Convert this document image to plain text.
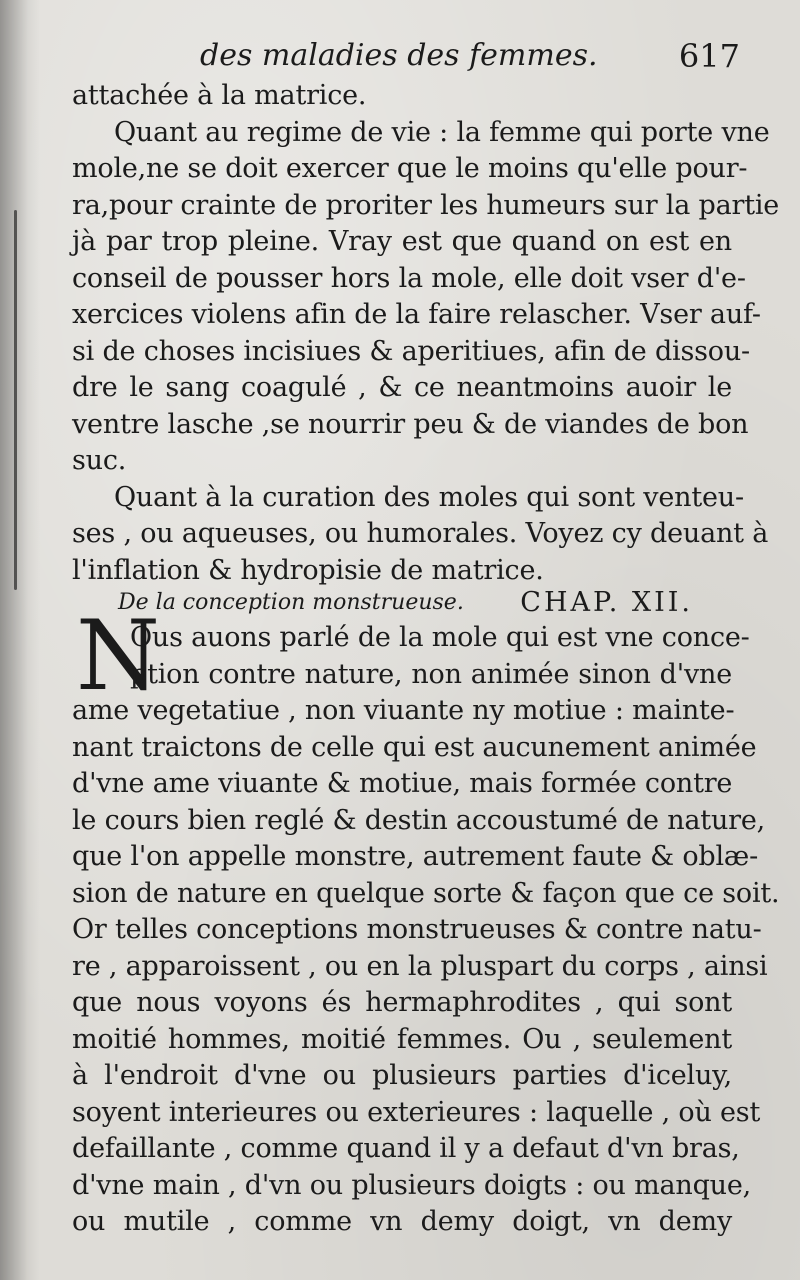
des maladies des femmes.	617
attachée à la matrice.
Quant au regime de vie : la femme qui porte vne
mole,ne se doit exercer que le moins qu'elle pour-
ra,pour crainte de proriter les humeurs sur la partie
jà par trop pleine. Vray est que quand on est en
conseil de pousser hors la mole, elle doit vser d'e-
xercices violens afin de la faire relascher. Vser auf-
si de choses incisiues & aperitiues, afin de dissou-
dre le sang coagulé , & ce neantmoins auoir le
ventre lasche ,se nourrir peu & de viandes de bon
suc.
Quant à la curation des moles qui sont venteu-
ses , ou aqueuses, ou humorales. Voyez cy deuant à
l'inflation & hydropisie de matrice.
De la conception monstrueuse. CHAP. XII.
N
Ous auons parlé de la mole qui est vne conce-
ption contre nature, non animée sinon d'vne
ame vegetatiue , non viuante ny motiue : mainte-
nant traictons de celle qui est aucunement animée
d'vne ame viuante & motiue, mais formée contre
le cours bien reglé & destin accoustumé de nature,
que l'on appelle monstre, autrement faute & oblæ-
sion de nature en quelque sorte & façon que ce soit.
Or telles conceptions monstrueuses & contre natu-
re , apparoissent , ou en la pluspart du corps , ainsi
que nous voyons és hermaphrodites , qui sont
moitié hommes, moitié femmes. Ou , seulement
à l'endroit d'vne ou plusieurs parties d'iceluy,
soyent interieures ou exterieures : laquelle , où est
defaillante , comme quand il y a defaut d'vn bras,
d'vne main , d'vn ou plusieurs doigts : ou manque,
ou mutile , comme vn demy doigt, vn demy
